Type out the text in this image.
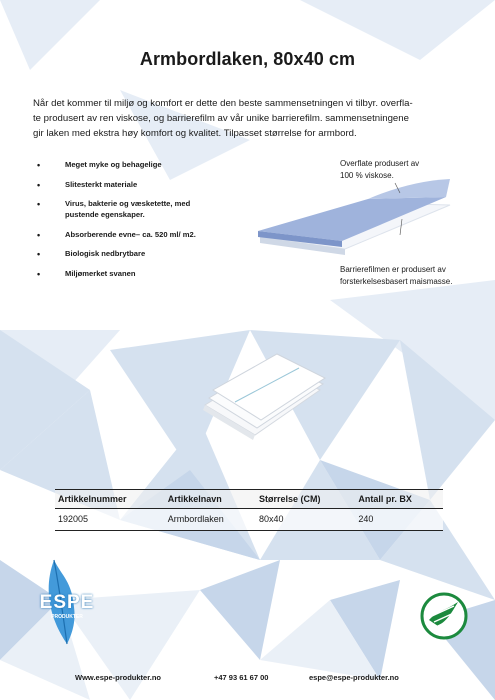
Armbordlaken, 80x40 cm

Når det kommer til miljø og komfort er dette den beste sammensetningen vi tilbyr. overfla-
te produsert av ren viskose, og barrierefilm av vår unike barrierefilm. sammensetningene
gir laken med ekstra høy komfort og kvalitet. Tilpasset størrelse for armbord.

• Meget myke og behagelige
• Slitesterkt materiale
• Virus, bakterie og væsketette, med
pustende egenskaper.
• Absorberende evne– ca. 520 ml/ m2.
• Biologisk nedbrytbare
• Miljømerket svanen
Overflate produsert av
100 % viskose.
Barrierefilmen er produsert av
forsterkelsesbasert maismasse.
Artikkelnummer	Artikkelnavn	Størrelse (CM)	Antall pr. BX
192005	Armbordlaken	80x40	240
ESPE
PRODUKTER
Www.espe-produkter.no	+47 93 61 67 00	espe@espe-produkter.no
